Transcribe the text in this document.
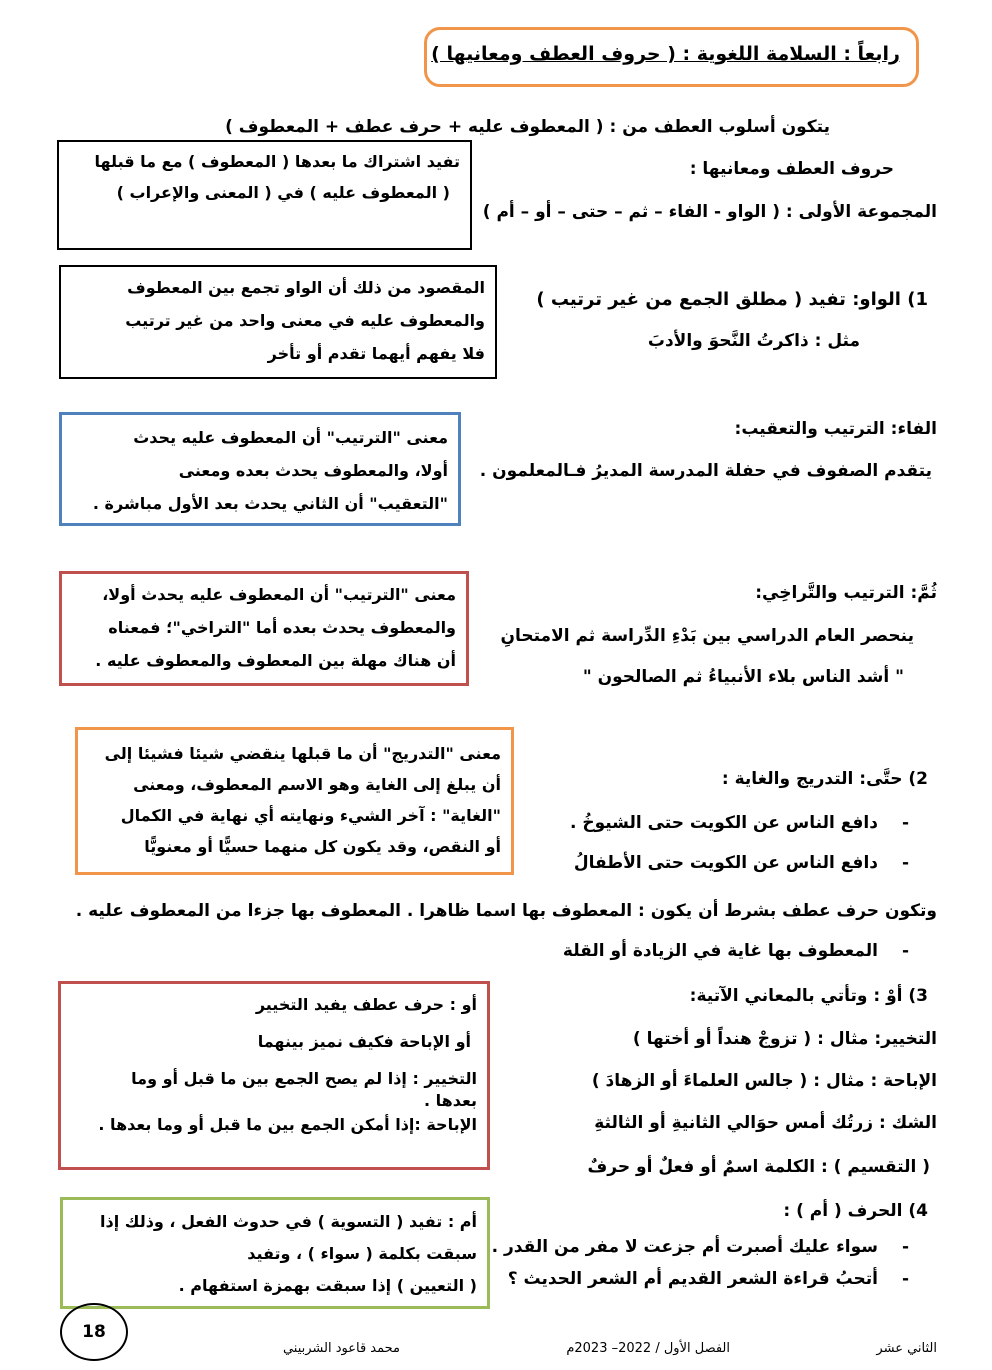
رابعاً : السلامة اللغوية : ( حروف العطف ومعانيها )
يتكون أسلوب العطف من : ( المعطوف عليه + حرف عطف + المعطوف )
حروف العطف ومعانيها :
المجموعة الأولى : ( الواو - الفاء – ثم – حتى – أو – أم )
تفيد اشتراك ما بعدها ( المعطوف ) مع ما قبلها
( المعطوف عليه ) في ( المعنى والإعراب )
1) الواو: تفيد ( مطلق الجمع من غير ترتيب )
مثل : ذاكرتُ النَّحوَ والأدبَ
المقصود من ذلك أن الواو تجمع بين المعطوف
والمعطوف عليه في معنى واحد من غير ترتيب
فلا يفهم أيهما تقدم أو تأخر
الفاء: الترتيب والتعقيب:
يتقدم الصفوف في حفلة المدرسة المديرُ فـالمعلمون .
معنى "الترتيب" أن المعطوف عليه يحدث
أولا، والمعطوف يحدث بعده ومعنى
"التعقيب" أن الثاني يحدث بعد الأول مباشرة .
ثُمَّ: الترتيب والتَّراخِي:
ينحصر العام الدراسي بين بَدْءِ الدِّراسة ثم الامتحانِ
" أشد الناس بلاء الأنبياءُ ثم الصالحون "
معنى "الترتيب" أن المعطوف عليه يحدث أولا،
والمعطوف يحدث بعده أما "التراخي"؛ فمعناه
أن هناك مهلة بين المعطوف والمعطوف عليه .
2) حتَّى: التدريج والغاية :
-
دافع الناس عن الكويت حتى الشيوخُ .
-
دافع الناس عن الكويت حتى الأطفالُ
معنى "التدريج" أن ما قبلها ينقضي شيئا فشيئا إلى
أن يبلغ إلى الغاية وهو الاسم المعطوف، ومعنى
"الغاية" : آخر الشيء ونهايته أي نهاية في الكمال
أو النقص، وقد يكون كل منهما حسيًّا أو معنويًّا
وتكون حرف عطف بشرط أن يكون : المعطوف بها اسما ظاهرا . المعطوف بها جزءا من المعطوف عليه .
-
المعطوف بها غاية في الزيادة أو القلة
3) أوْ : وتأتي بالمعاني الآتية:
التخيير: مثال : ( تزوجْ هنداً أو أختها )
الإباحة : مثال : ( جالس العلماءَ أو الزهادَ )
الشك : زرتُك أمس حوَالي الثانيةِ أو الثالثةِ
( التقسيم ) : الكلمة اسمٌ أو فعلٌ أو حرفٌ
أو : حرف عطف يفيد التخيير
أو الإباحة فكيف نميز بينهما
التخيير : إذا لم يصح الجمع بين ما قبل أو وما
بعدها .
الإباحة :إذا أمكن الجمع بين ما قبل أو وما بعدها .
4) الحرف ( أم ) :
-
سواء عليك أصبرت أم جزعت لا مفر من القدر .
-
أتحبُ قراءة الشعر القديم أم الشعر الحديث ؟
أم : تفيد ( التسوية ) في حدوث الفعل ، وذلك إذا
سبقت بكلمة ( سواء ) ، وتفيد
( التعيين ) إذا سبقت بهمزة استفهام .
18
محمد قاعود الشربيني	الفصل الأول / 2022– 2023م	الثاني عشر
